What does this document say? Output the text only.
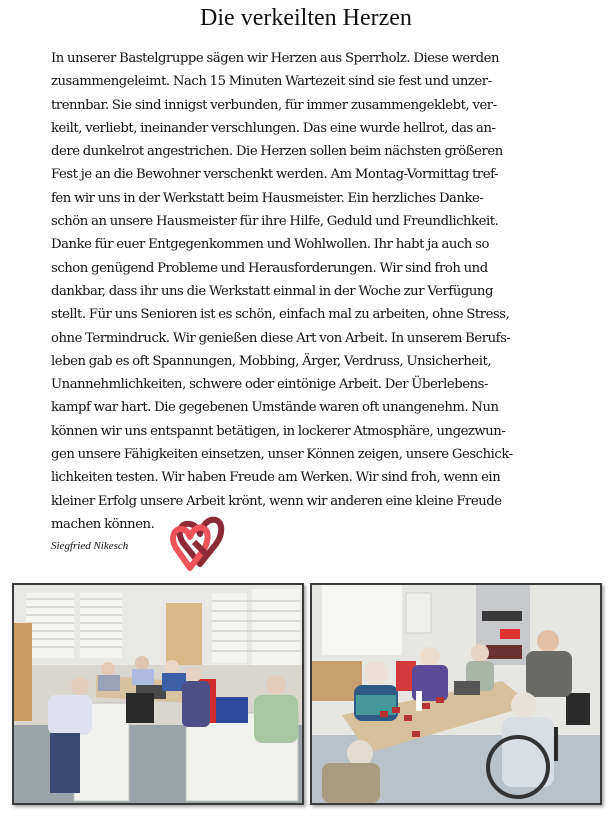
Die verkeilten Herzen
In unserer Bastelgruppe sägen wir Herzen aus Sperrholz. Diese werden
zusammengeleimt. Nach 15 Minuten Wartezeit sind sie fest und unzer-
trennbar. Sie sind innigst verbunden, für immer zusammengeklebt, ver-
keilt, verliebt, ineinander verschlungen. Das eine wurde hellrot, das an-
dere dunkelrot angestrichen. Die Herzen sollen beim nächsten größeren
Fest je an die Bewohner verschenkt werden. Am Montag-Vormittag tref-
fen wir uns in der Werkstatt beim Hausmeister. Ein herzliches Danke-
schön an unsere Hausmeister für ihre Hilfe, Geduld und Freundlichkeit.
Danke für euer Entgegenkommen und Wohlwollen. Ihr habt ja auch so
schon genügend Probleme und Herausforderungen. Wir sind froh und
dankbar, dass ihr uns die Werkstatt einmal in der Woche zur Verfügung
stellt. Für uns Senioren ist es schön, einfach mal zu arbeiten, ohne Stress,
ohne Termindruck. Wir genießen diese Art von Arbeit. In unserem Berufs-
leben gab es oft Spannungen, Mobbing, Ärger, Verdruss, Unsicherheit,
Unannehmlichkeiten, schwere oder eintönige Arbeit. Der Überlebens-
kampf war hart. Die gegebenen Umstände waren oft unangenehm. Nun
können wir uns entspannt betätigen, in lockerer Atmosphäre, ungezwun-
gen unsere Fähigkeiten einsetzen, unser Können zeigen, unsere Geschick-
lichkeiten testen. Wir haben Freude am Werken. Wir sind froh, wenn ein
kleiner Erfolg unsere Arbeit krönt, wenn wir anderen eine kleine Freude
machen können.
Siegfried Nikesch
